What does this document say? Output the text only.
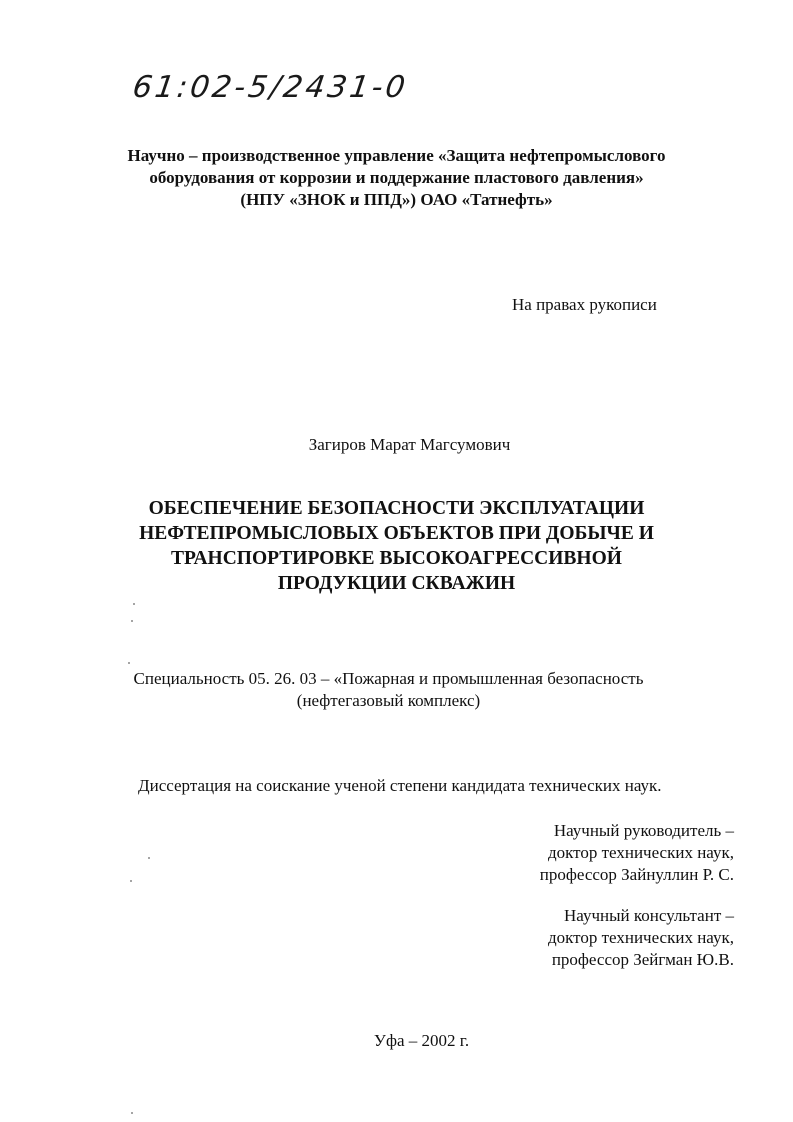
61:02-5/2431-0
Научно – производственное управление «Защита нефтепромыслового
оборудования от коррозии и поддержание пластового давления»
(НПУ «ЗНОК и ППД») ОАО «Татнефть»
На правах рукописи
Загиров Марат Магсумович
ОБЕСПЕЧЕНИЕ БЕЗОПАСНОСТИ ЭКСПЛУАТАЦИИ
НЕФТЕПРОМЫСЛОВЫХ ОБЪЕКТОВ ПРИ ДОБЫЧЕ И
ТРАНСПОРТИРОВКЕ ВЫСОКОАГРЕССИВНОЙ
ПРОДУКЦИИ СКВАЖИН
Специальность 05. 26. 03 – «Пожарная и промышленная безопасность
(нефтегазовый комплекс)
Диссертация на соискание ученой степени кандидата технических наук.
Научный руководитель –
доктор технических наук,
профессор Зайнуллин Р. С.
Научный консультант –
доктор технических наук,
профессор Зейгман Ю.В.
Уфа – 2002 г.
